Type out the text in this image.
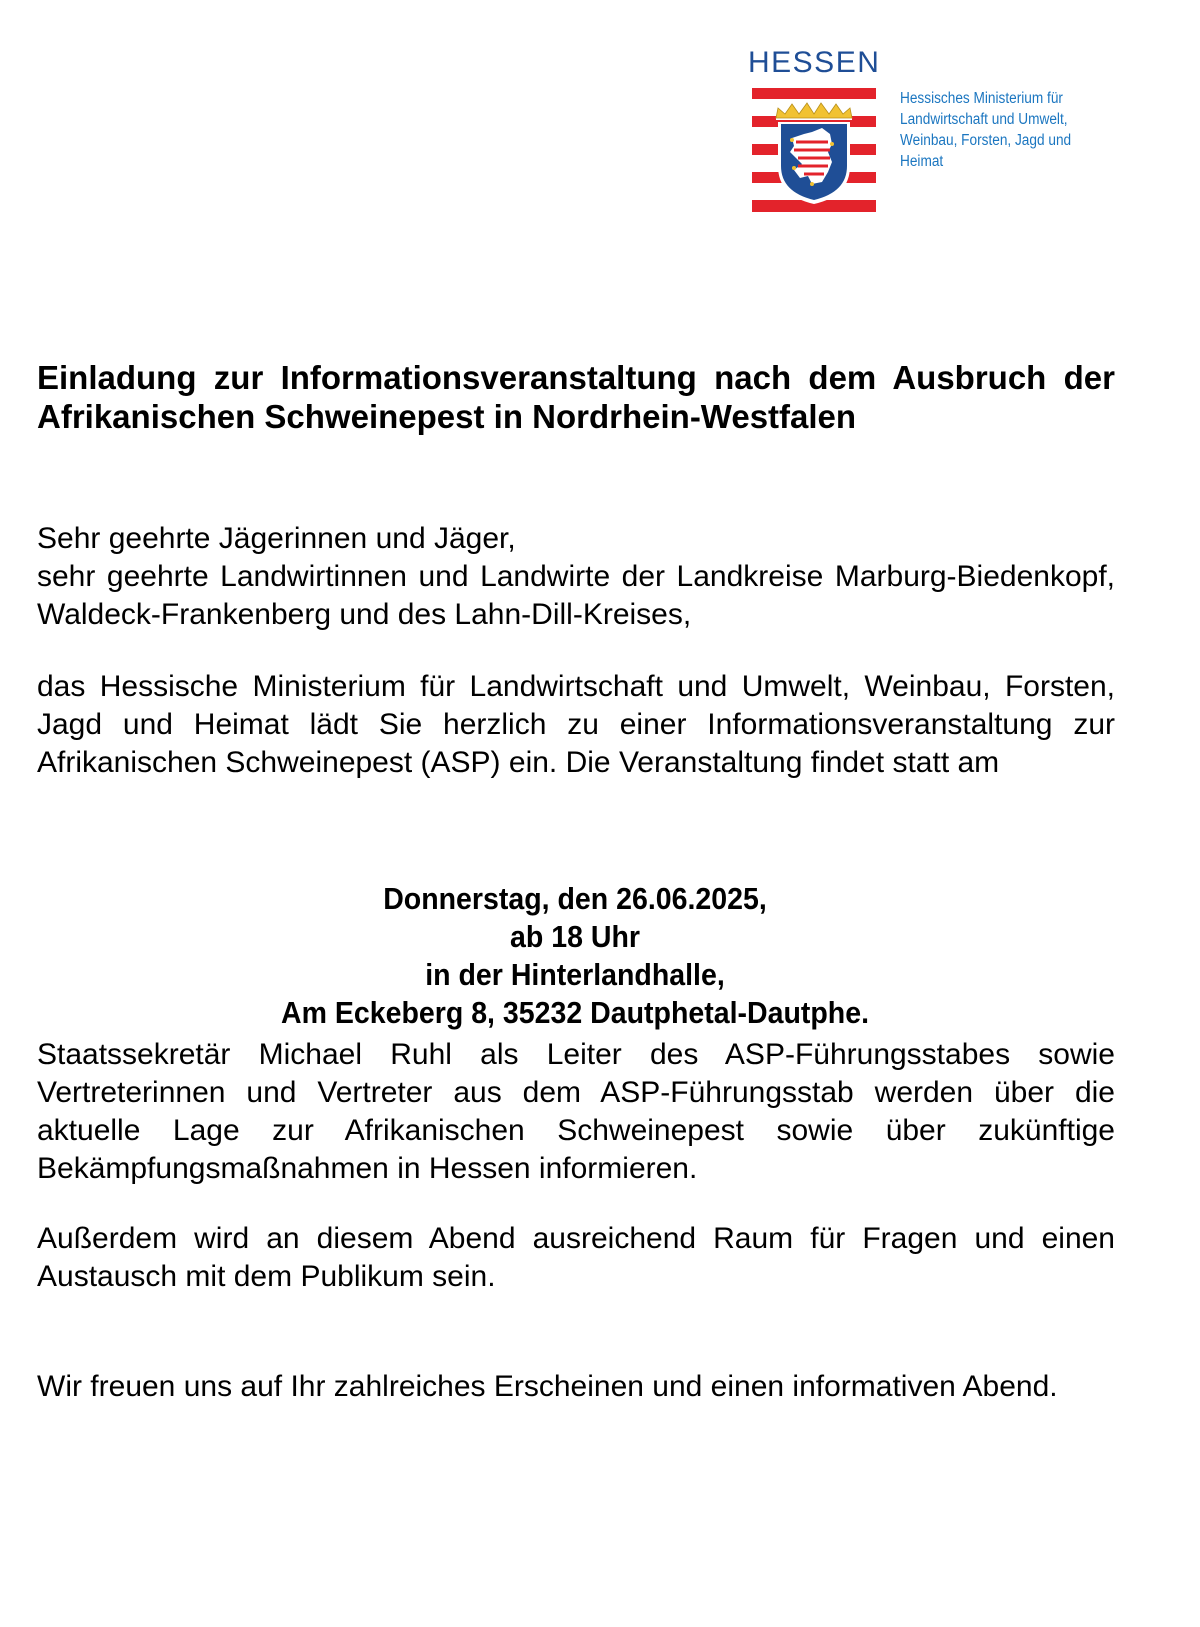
HESSEN
Hessisches Ministerium für
Landwirtschaft und Umwelt,
Weinbau, Forsten, Jagd und
Heimat
Einladung zur Informationsveranstaltung nach dem Ausbruch der Afrikanischen Schweinepest in Nordrhein-Westfalen
Sehr geehrte Jägerinnen und Jäger,
sehr geehrte Landwirtinnen und Landwirte der Landkreise Marburg-Biedenkopf, Waldeck-Frankenberg und des Lahn-Dill-Kreises,
das Hessische Ministerium für Landwirtschaft und Umwelt, Weinbau, Forsten, Jagd und Heimat lädt Sie herzlich zu einer Informationsveranstaltung zur Afrikanischen Schweinepest (ASP) ein. Die Veranstaltung findet statt am
Donnerstag, den 26.06.2025,
ab 18 Uhr
in der Hinterlandhalle,
Am Eckeberg 8, 35232 Dautphetal-Dautphe.
Staatssekretär Michael Ruhl als Leiter des ASP-Führungsstabes sowie Vertreterinnen und Vertreter aus dem ASP-Führungsstab werden über die aktuelle Lage zur Afrikanischen Schweinepest sowie über zukünftige Bekämpfungsmaßnahmen in Hessen informieren.
Außerdem wird an diesem Abend ausreichend Raum für Fragen und einen Austausch mit dem Publikum sein.
Wir freuen uns auf Ihr zahlreiches Erscheinen und einen informativen Abend.
